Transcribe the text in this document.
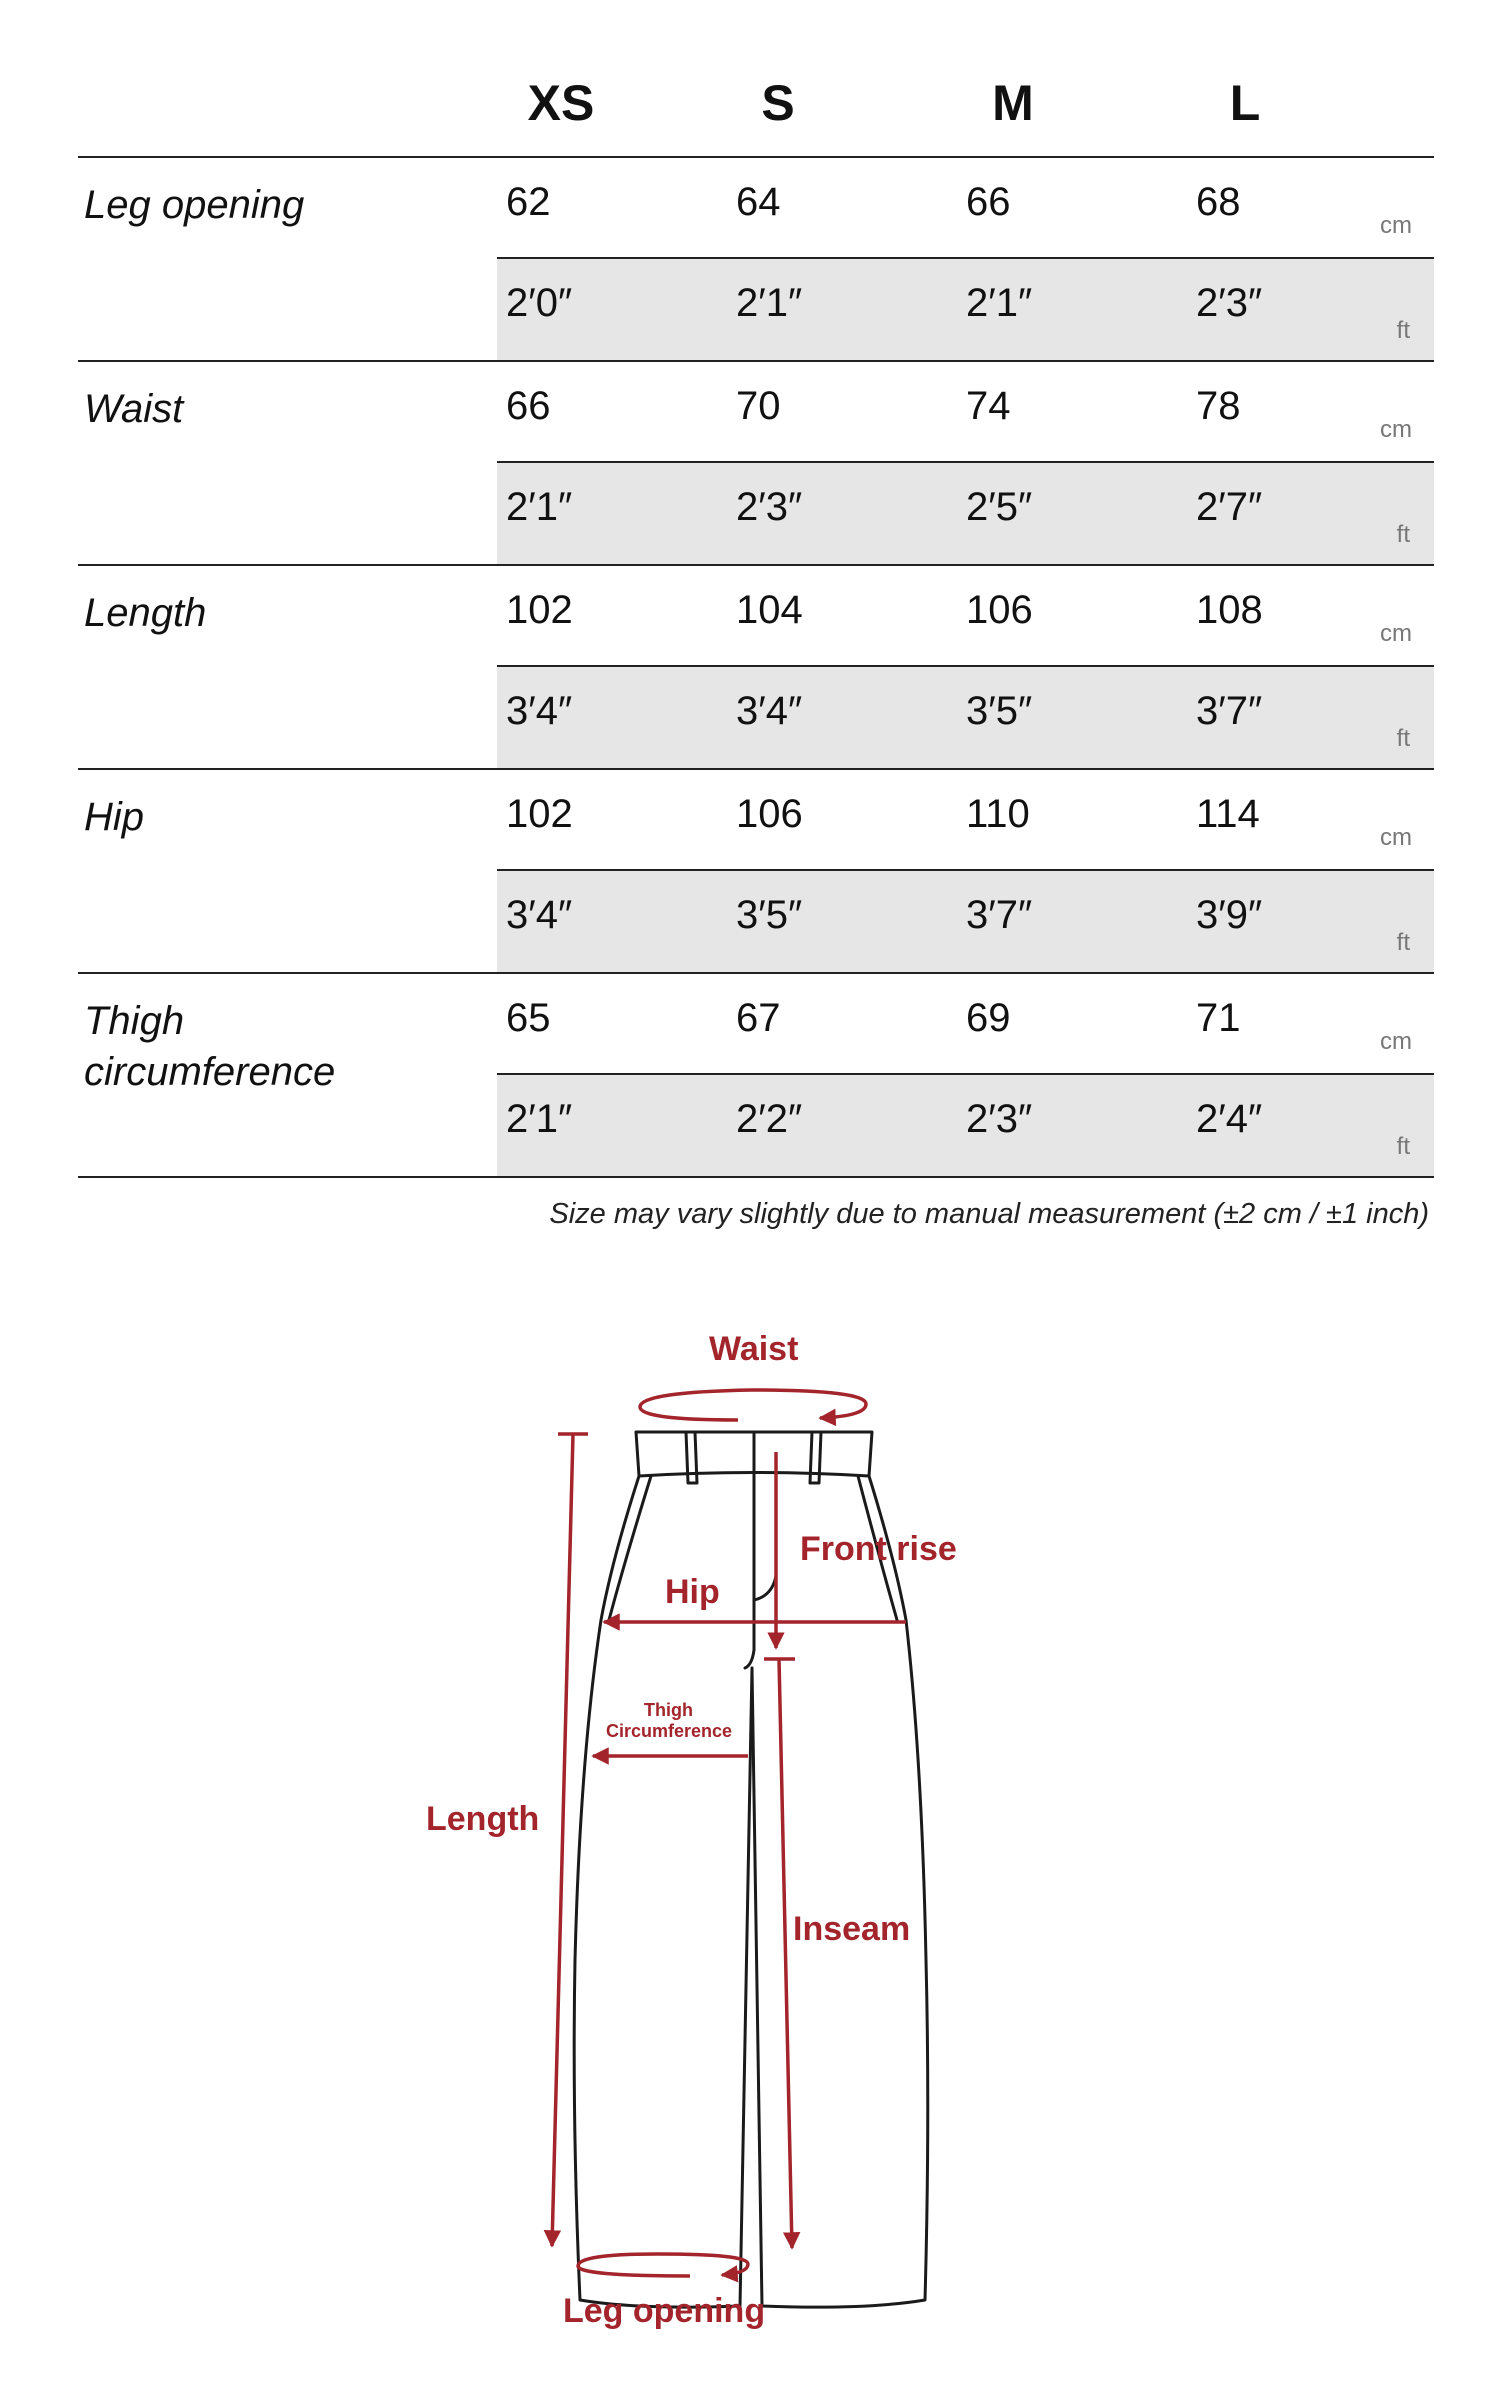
XS	S	M	L
Leg opening	62	64	66	68
cm
2′0″	2′1″	2′1″	2′3″
ft
Waist	66	70	74	78
cm
2′1″	2′3″	2′5″	2′7″
ft
Length	102	104	106	108
cm
3′4″	3′4″	3′5″	3′7″
ft
Hip	102	106	110	114
cm
3′4″	3′5″	3′7″	3′9″
ft
Thigh circumference
65	67	69	71
cm
2′1″	2′2″	2′3″	2′4″
ft
Size may vary slightly due to manual measurement (±2 cm / ±1 inch)
Waist
Front rise
Hip
Thigh
Circumference
Length
Inseam
Leg opening
